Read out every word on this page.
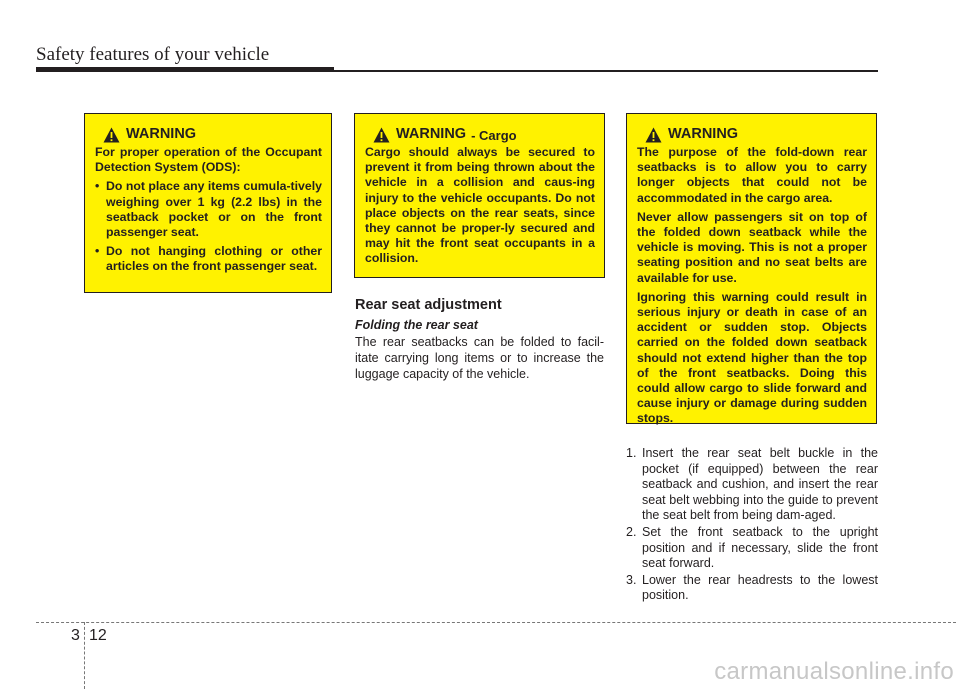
Safety features of your vehicle
WARNING

For proper operation of the Occupant Detection System (ODS):

• Do not place any items cumula-tively weighing over 1 kg (2.2 lbs) in the seatback pocket or on the front passenger seat.
• Do not hanging clothing or other articles on the front passenger seat.
WARNING - Cargo

Cargo should always be secured to prevent it from being thrown about the vehicle in a collision and caus-ing injury to the vehicle occupants. Do not place objects on the rear seats, since they cannot be proper-ly secured and may hit the front seat occupants in a collision.

WARNING

The purpose of the fold-down rear seatbacks is to allow you to carry longer objects that could not be accommodated in the cargo area.

Never allow passengers sit on top of the folded down seatback while the vehicle is moving. This is not a proper seating position and no seat belts are available for use.

Ignoring this warning could result in serious injury or death in case of an accident or sudden stop. Objects carried on the folded down seatback should not extend higher than the top of the front seatbacks. Doing this could allow cargo to slide forward and cause injury or damage during sudden stops.

Rear seat adjustment
Folding the rear seat
The rear seatbacks can be folded to facil-itate carrying long items or to increase the luggage capacity of the vehicle.
1. Insert the rear seat belt buckle in the pocket (if equipped) between the rear seatback and cushion, and insert the rear seat belt webbing into the guide to prevent the seat belt from being dam-aged.
2. Set the front seatback to the upright position and if necessary, slide the front seat forward.
3. Lower the rear headrests to the lowest position.
3 12
carmanualsonline.info
